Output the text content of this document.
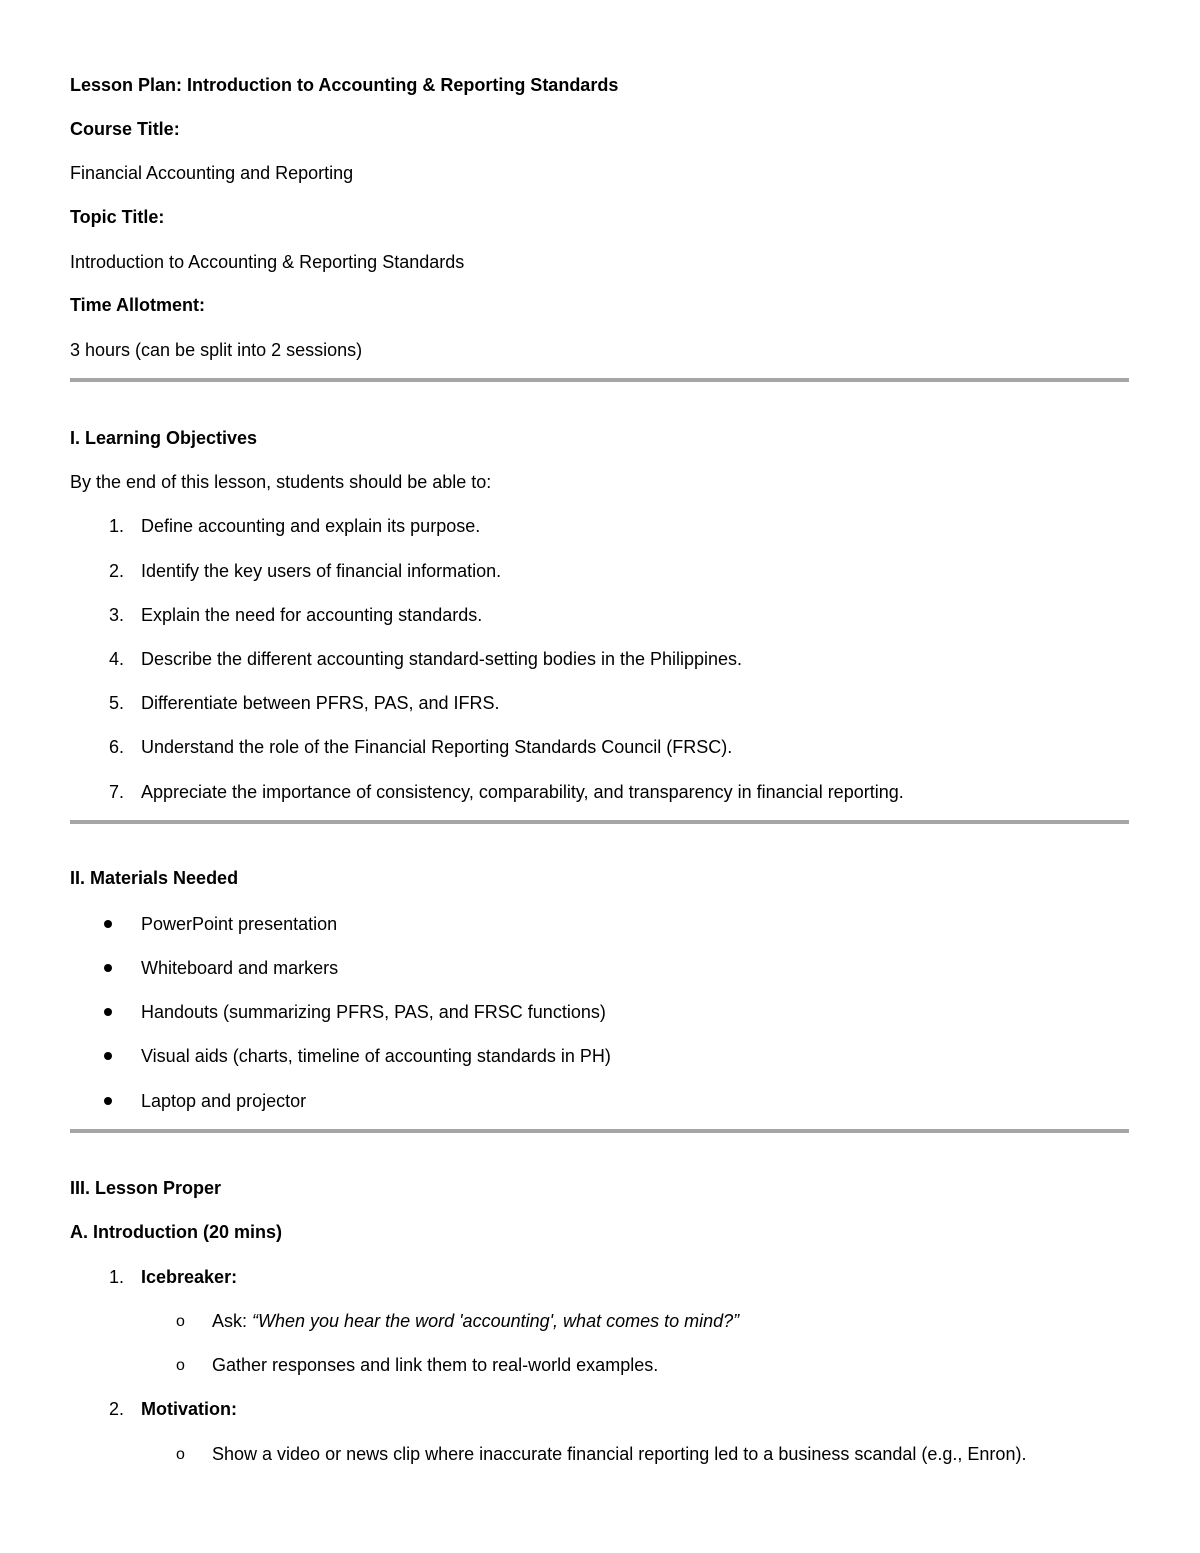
Lesson Plan: Introduction to Accounting & Reporting Standards
Course Title:
Financial Accounting and Reporting
Topic Title:
Introduction to Accounting & Reporting Standards
Time Allotment:
3 hours (can be split into 2 sessions)
I. Learning Objectives
By the end of this lesson, students should be able to:
1. Define accounting and explain its purpose.
2. Identify the key users of financial information.
3. Explain the need for accounting standards.
4. Describe the different accounting standard-setting bodies in the Philippines.
5. Differentiate between PFRS, PAS, and IFRS.
6. Understand the role of the Financial Reporting Standards Council (FRSC).
7. Appreciate the importance of consistency, comparability, and transparency in financial reporting.
II. Materials Needed
PowerPoint presentation
Whiteboard and markers
Handouts (summarizing PFRS, PAS, and FRSC functions)
Visual aids (charts, timeline of accounting standards in PH)
Laptop and projector
III. Lesson Proper
A. Introduction (20 mins)
1. Icebreaker:
o Ask: “When you hear the word 'accounting', what comes to mind?”
o Gather responses and link them to real-world examples.
2. Motivation:
o Show a video or news clip where inaccurate financial reporting led to a business scandal (e.g., Enron).
